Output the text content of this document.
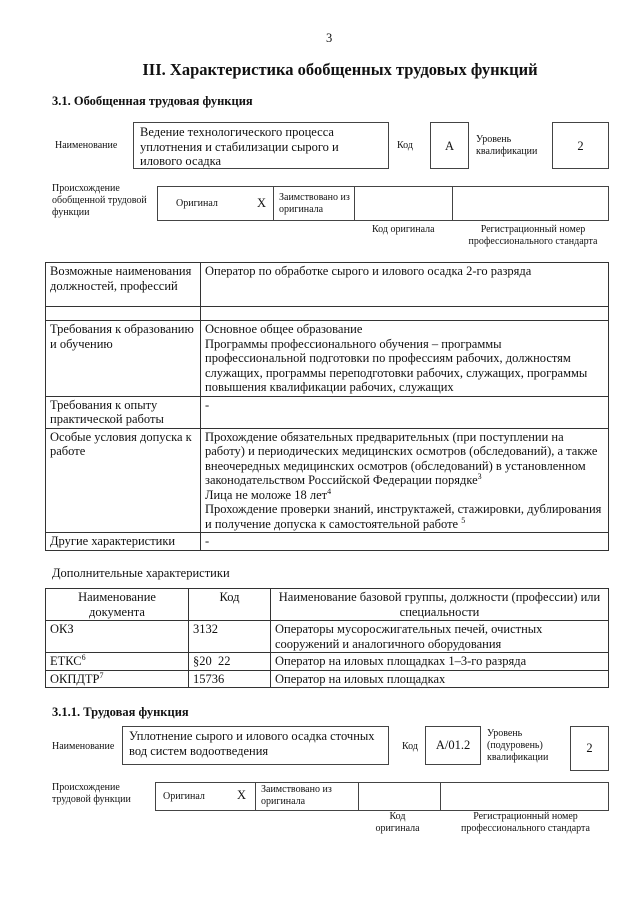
3
III. Характеристика обобщенных трудовых функций
3.1. Обобщенная трудовая функция
Наименование
Ведение технологического процесса уплотнения и стабилизации сырого и илового осадка
Код	A	Уровень квалификации	2
Происхождение обобщенной трудовой функции
Оригинал	X Заимствовано из оригинала
Код оригинала	Регистрационный номер профессионального стандарта
Возможные наименования должностей, профессий	Оператор по обработке сырого и илового осадка 2-го разряда

Требования к образованию и обучению	Основное общее образование
Программы профессионального обучения – программы профессиональной подготовки по профессиям рабочих, должностям служащих, программы переподготовки рабочих, служащих, программы повышения квалификации рабочих, служащих

Требования к опыту практической работы	-
Особые условия допуска к работе	Прохождение обязательных предварительных (при поступлении на работу) и периодических медицинских осмотров (обследований), а также внеочередных медицинских осмотров (обследований) в установленном законодательством Российской Федерации порядке$^3$
Лица не моложе 18 лет$^4$
Прохождение проверки знаний, инструктажей, стажировки, дублирования и получение допуска к самостоятельной работе $^5$

Другие характеристики	-
Дополнительные характеристики
Наименование документа	Код	Наименование базовой группы, должности (профессии) или специальности
ОКЗ	3132	Операторы мусоросжигательных печей, очистных сооружений и аналогичного оборудования
ЕТКС$^6$	§20  22	Оператор на иловых площадках 1–3-го разряда
ОКПДТР$^7$	15736	Оператор на иловых площадках
3.1.1. Трудовая функция
Наименование
Уплотнение сырого и илового осадка сточных вод систем водоотведения	Код	A/01.2
Уровень (подуровень) квалификации
2
Происхождение трудовой функции	Оригинал	X Заимствовано из оригинала
Код оригинала
Регистрационный номер профессионального стандарта
